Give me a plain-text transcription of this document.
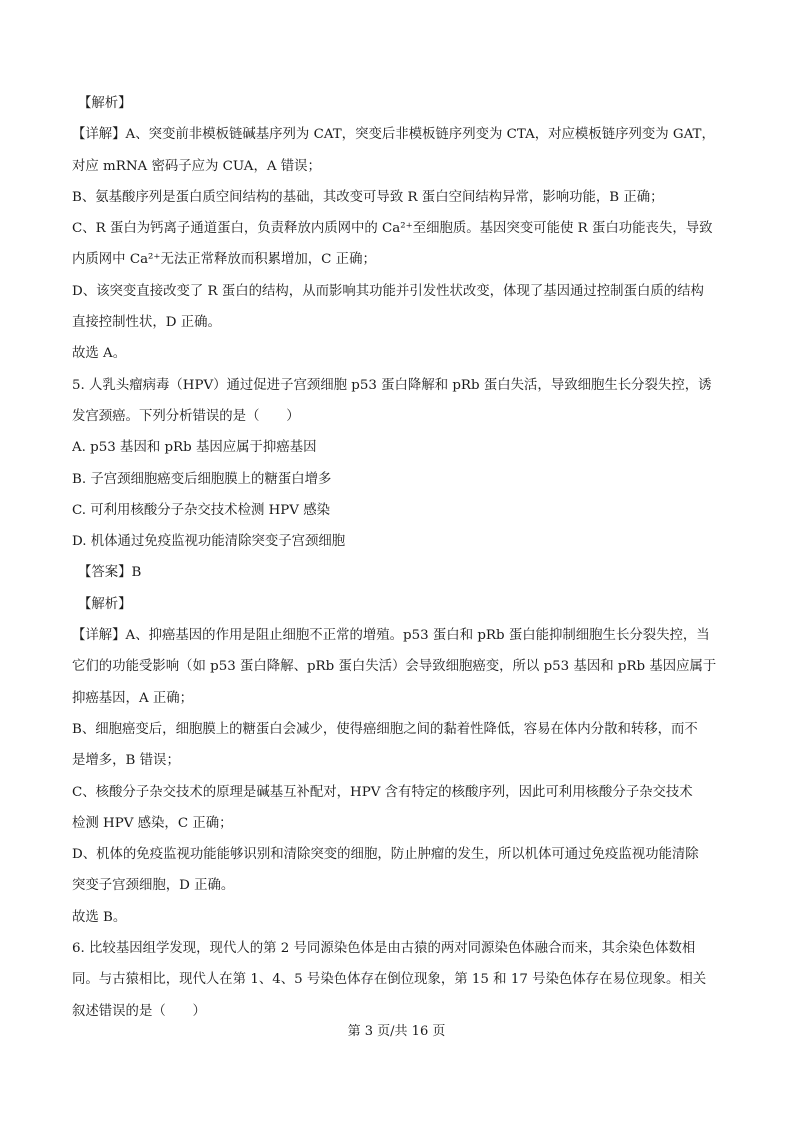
【解析】
【详解】A、突变前非模板链碱基序列为 CAT，突变后非模板链序列变为 CTA，对应模板链序列变为 GAT，
对应 mRNA 密码子应为 CUA，A 错误；
B、氨基酸序列是蛋白质空间结构的基础，其改变可导致 R 蛋白空间结构异常，影响功能，B 正确；
C、R 蛋白为钙离子通道蛋白，负责释放内质网中的 Ca²⁺至细胞质。基因突变可能使 R 蛋白功能丧失，导致
内质网中 Ca²⁺无法正常释放而积累增加，C 正确；
D、该突变直接改变了 R 蛋白的结构，从而影响其功能并引发性状改变，体现了基因通过控制蛋白质的结构
直接控制性状，D 正确。
故选 A。
5. 人乳头瘤病毒（HPV）通过促进子宫颈细胞 p53 蛋白降解和 pRb 蛋白失活，导致细胞生长分裂失控，诱
发宫颈癌。下列分析错误的是（　　）
A. p53 基因和 pRb 基因应属于抑癌基因
B. 子宫颈细胞癌变后细胞膜上的糖蛋白增多
C. 可利用核酸分子杂交技术检测 HPV 感染
D. 机体通过免疫监视功能清除突变子宫颈细胞
【答案】B
【解析】
【详解】A、抑癌基因的作用是阻止细胞不正常的增殖。p53 蛋白和 pRb 蛋白能抑制细胞生长分裂失控，当
它们的功能受影响（如 p53 蛋白降解、pRb 蛋白失活）会导致细胞癌变，所以 p53 基因和 pRb 基因应属于
抑癌基因，A 正确；
B、细胞癌变后，细胞膜上的糖蛋白会减少，使得癌细胞之间的黏着性降低，容易在体内分散和转移，而不
是增多，B 错误；
C、核酸分子杂交技术的原理是碱基互补配对，HPV 含有特定的核酸序列，因此可利用核酸分子杂交技术
检测 HPV 感染，C 正确；
D、机体的免疫监视功能能够识别和清除突变的细胞，防止肿瘤的发生，所以机体可通过免疫监视功能清除
突变子宫颈细胞，D 正确。
故选 B。
6. 比较基因组学发现，现代人的第 2 号同源染色体是由古猿的两对同源染色体融合而来，其余染色体数相
同。与古猿相比，现代人在第 1、4、5 号染色体存在倒位现象，第 15 和 17 号染色体存在易位现象。相关
叙述错误的是（　　）
第 3 页/共 16 页
